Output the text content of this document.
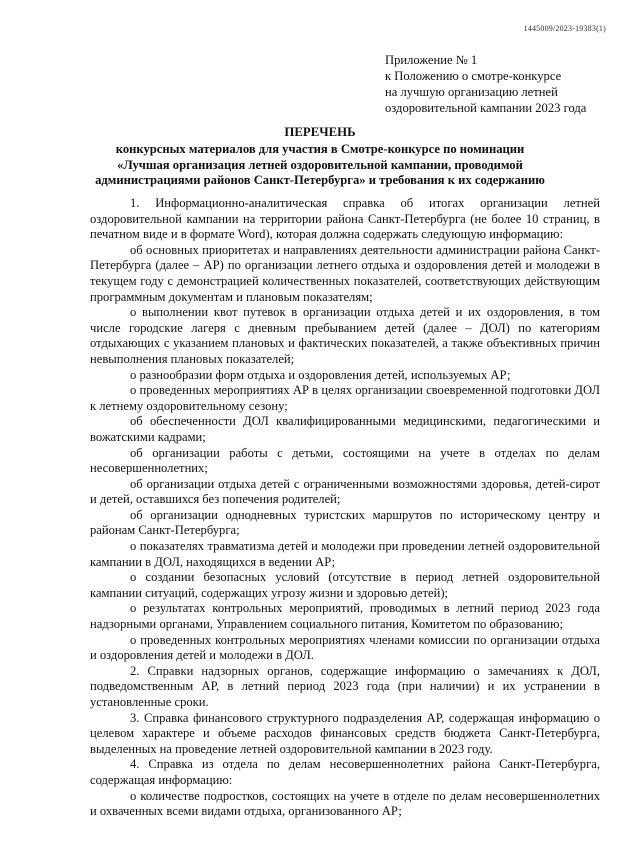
1445009/2023-19383(1)
Приложение № 1
к Положению о смотре-конкурсе
на лучшую организацию летней
оздоровительной кампании 2023 года
ПЕРЕЧЕНЬ
конкурсных материалов для участия в Смотре-конкурсе по номинации
«Лучшая организация летней оздоровительной кампании, проводимой
администрациями районов Санкт-Петербурга» и требования к их содержанию

1. Информационно-аналитическая справка об итогах организации летней оздоровительной кампании на территории района Санкт-Петербурга (не более 10 страниц, в печатном виде и в формате Word), которая должна содержать следующую информацию:

об основных приоритетах и направлениях деятельности администрации района Санкт-Петербурга (далее – АР) по организации летнего отдыха и оздоровления детей и молодежи в текущем году с демонстрацией количественных показателей, соответствующих действующим программным документам и плановым показателям;

о выполнении квот путевок в организации отдыха детей и их оздоровления, в том числе городские лагеря с дневным пребыванием детей (далее – ДОЛ) по категориям отдыхающих с указанием плановых и фактических показателей, а также объективных причин невыполнения плановых показателей;

о разнообразии форм отдыха и оздоровления детей, используемых АР;

о проведенных мероприятиях АР в целях организации своевременной подготовки ДОЛ к летнему оздоровительному сезону;

об обеспеченности ДОЛ квалифицированными медицинскими, педагогическими и вожатскими кадрами;

об организации работы с детьми, состоящими на учете в отделах по делам несовершеннолетних;

об организации отдыха детей с ограниченными возможностями здоровья, детей-сирот и детей, оставшихся без попечения родителей;

об организации однодневных туристских маршрутов по историческому центру и районам Санкт-Петербурга;

о показателях травматизма детей и молодежи при проведении летней оздоровительной кампании в ДОЛ, находящихся в ведении АР;

о создании безопасных условий (отсутствие в период летней оздоровительной кампании ситуаций, содержащих угрозу жизни и здоровью детей);

о результатах контрольных мероприятий, проводимых в летний период 2023 года надзорными органами, Управлением социального питания, Комитетом по образованию;

о проведенных контрольных мероприятиях членами комиссии по организации отдыха и оздоровления детей и молодежи в ДОЛ.

2. Справки надзорных органов, содержащие информацию о замечаниях к ДОЛ, подведомственным АР, в летний период 2023 года (при наличии) и их устранении в установленные сроки.

3. Справка финансового структурного подразделения АР, содержащая информацию о целевом характере и объеме расходов финансовых средств бюджета Санкт-Петербурга, выделенных на проведение летней оздоровительной кампании в 2023 году.

4. Справка из отдела по делам несовершеннолетних района Санкт-Петербурга, содержащая информацию:

о количестве подростков, состоящих на учете в отделе по делам несовершеннолетних и охваченных всеми видами отдыха, организованного АР;
